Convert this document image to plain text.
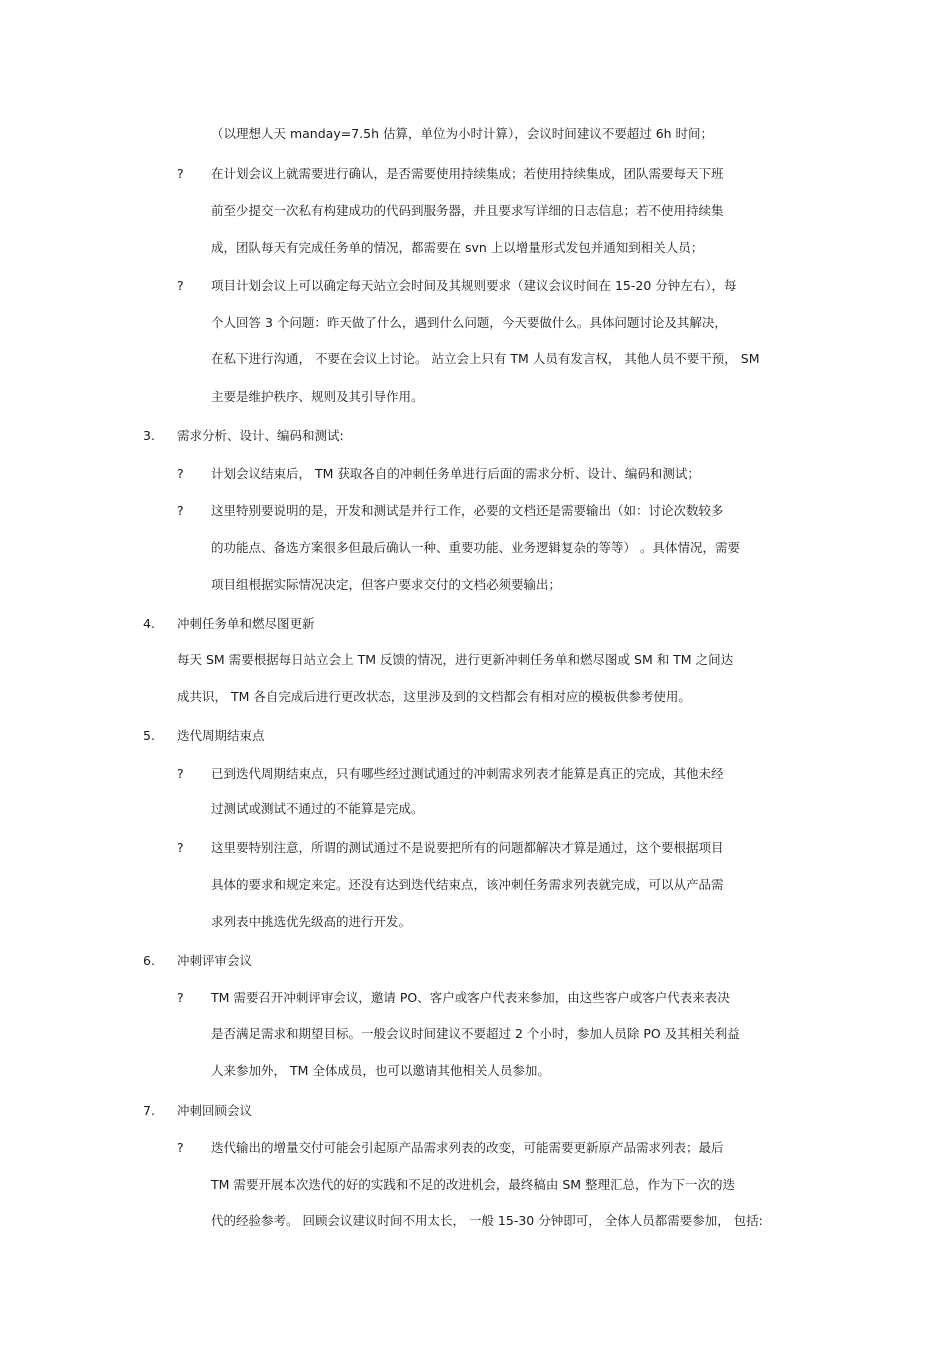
（以理想人天 manday=7.5h 估算，单位为小时计算），会议时间建议不要超过 6h 时间；
? 在计划会议上就需要进行确认，是否需要使用持续集成；若使用持续集成，团队需要每天下班
前至少提交一次私有构建成功的代码到服务器，并且要求写详细的日志信息；若不使用持续集
成，团队每天有完成任务单的情况，都需要在 svn 上以增量形式发包并通知到相关人员；
? 项目计划会议上可以确定每天站立会时间及其规则要求（建议会议时间在 15-20 分钟左右），每
个人回答 3 个问题：昨天做了什么，遇到什么问题，今天要做什么。具体问题讨论及其解决，
在私下进行沟通， 不要在会议上讨论。 站立会上只有 TM 人员有发言权， 其他人员不要干预， SM
主要是维护秩序、规则及其引导作用。
3. 需求分析、设计、编码和测试:
? 计划会议结束后， TM 获取各自的冲刺任务单进行后面的需求分析、设计、编码和测试；
? 这里特别要说明的是，开发和测试是并行工作，必要的文档还是需要输出（如：讨论次数较多
的功能点、备选方案很多但最后确认一种、重要功能、业务逻辑复杂的等等） 。具体情况，需要
项目组根据实际情况决定，但客户要求交付的文档必须要输出；
4. 冲刺任务单和燃尽图更新
每天 SM 需要根据每日站立会上 TM 反馈的情况，进行更新冲刺任务单和燃尽图或 SM 和 TM 之间达
成共识， TM 各自完成后进行更改状态，这里涉及到的文档都会有相对应的模板供参考使用。
5. 迭代周期结束点
? 已到迭代周期结束点，只有哪些经过测试通过的冲刺需求列表才能算是真正的完成，其他未经
过测试或测试不通过的不能算是完成。
? 这里要特别注意，所谓的测试通过不是说要把所有的问题都解决才算是通过，这个要根据项目
具体的要求和规定来定。还没有达到迭代结束点，该冲刺任务需求列表就完成，可以从产品需
求列表中挑选优先级高的进行开发。
6. 冲刺评审会议
? TM 需要召开冲刺评审会议，邀请 PO、客户或客户代表来参加，由这些客户或客户代表来表决
是否满足需求和期望目标。一般会议时间建议不要超过 2 个小时，参加人员除 PO 及其相关利益
人来参加外， TM 全体成员，也可以邀请其他相关人员参加。
7. 冲刺回顾会议
? 迭代输出的增量交付可能会引起原产品需求列表的改变，可能需要更新原产品需求列表；最后
TM 需要开展本次迭代的好的实践和不足的改进机会，最终稿由 SM 整理汇总，作为下一次的迭
代的经验参考。 回顾会议建议时间不用太长， 一般 15-30 分钟即可， 全体人员都需要参加， 包括:
